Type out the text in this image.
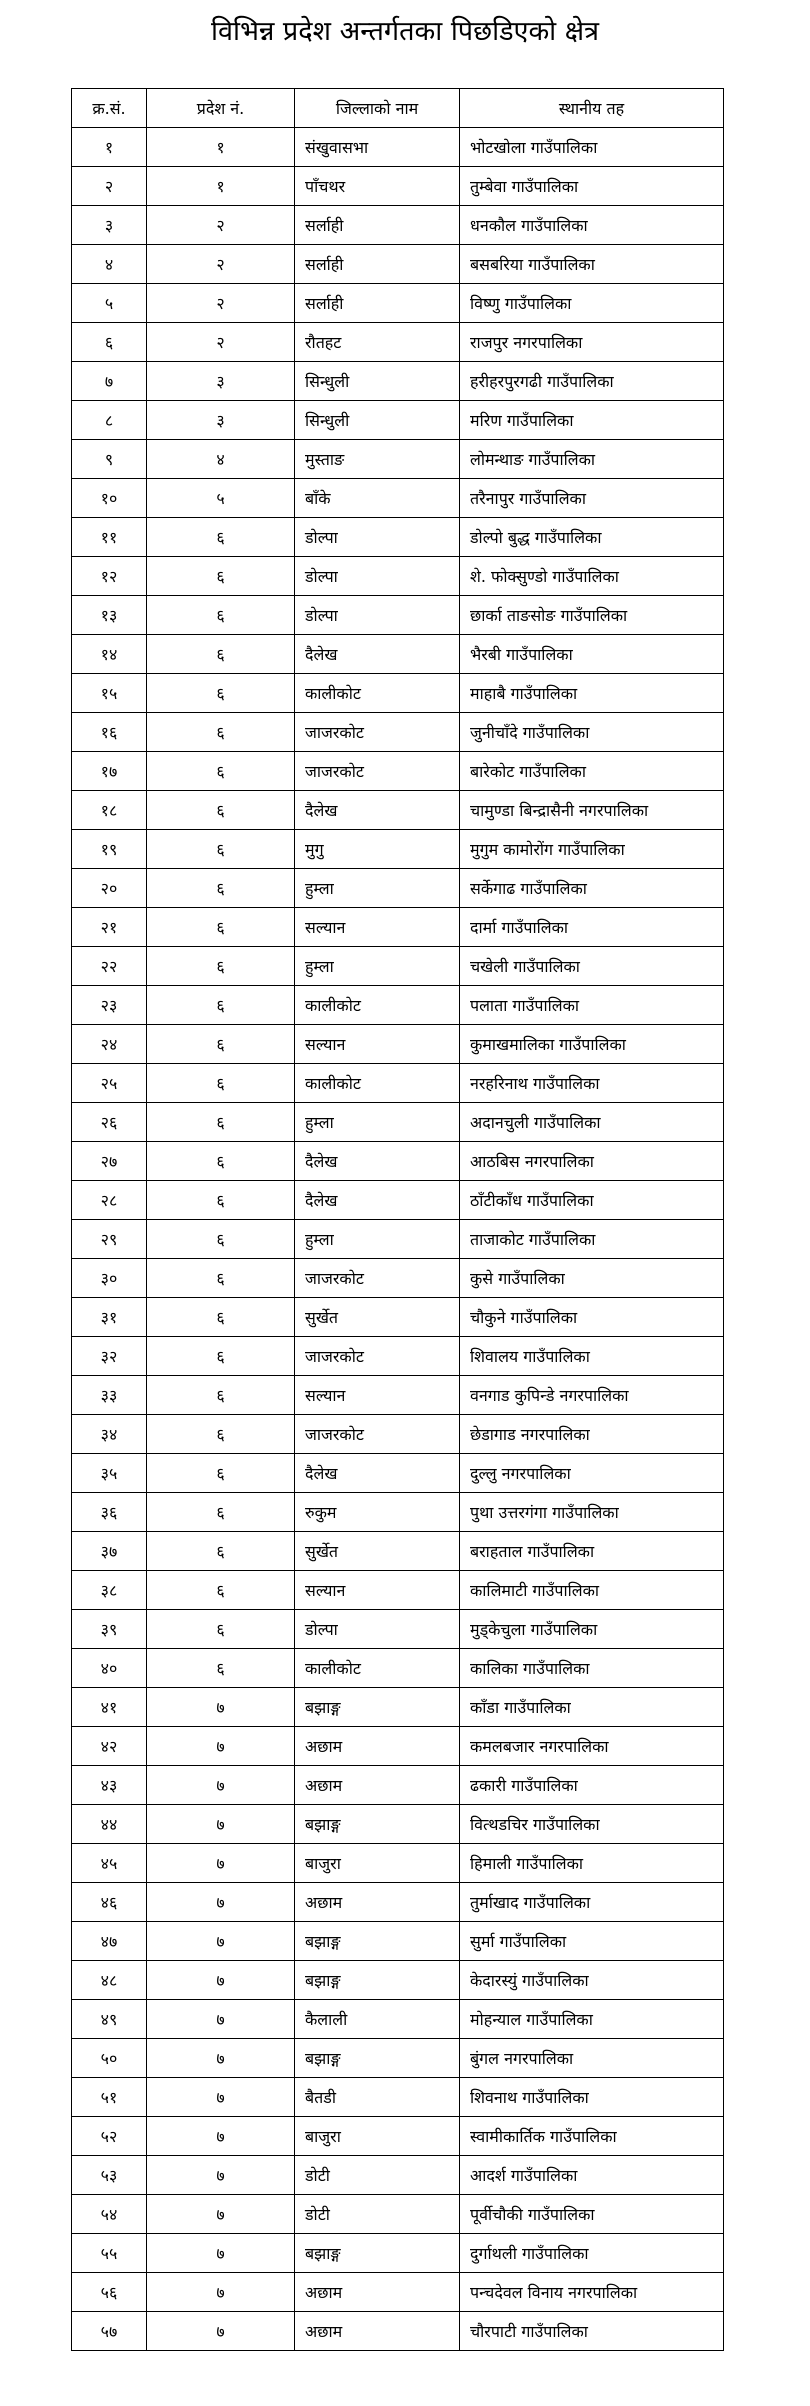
विभिन्न प्रदेश अन्तर्गतका पिछडिएको क्षेत्र
क्र.सं.	प्रदेश नं.	जिल्लाको नाम	स्थानीय तह
१	१	संखुवासभा	भोटखोला गाउँपालिका
२	१	पाँचथर	तुम्बेवा गाउँपालिका
३	२	सर्लाही	धनकौल गाउँपालिका
४	२	सर्लाही	बसबरिया गाउँपालिका
५	२	सर्लाही	विष्णु गाउँपालिका
६	२	रौतहट	राजपुर नगरपालिका
७	३	सिन्धुली	हरीहरपुरगढी गाउँपालिका
८	३	सिन्धुली	मरिण गाउँपालिका
९	४	मुस्ताङ	लोमन्थाङ गाउँपालिका
१०	५	बाँके	तरैनापुर गाउँपालिका
११	६	डोल्पा	डोल्पो बुद्ध गाउँपालिका
१२	६	डोल्पा	शे. फोक्सुण्डो गाउँपालिका
१३	६	डोल्पा	छार्का ताङसोङ गाउँपालिका
१४	६	दैलेख	भैरबी गाउँपालिका
१५	६	कालीकोट	माहाबै गाउँपालिका
१६	६	जाजरकोट	जुनीचाँदे गाउँपालिका
१७	६	जाजरकोट	बारेकोट गाउँपालिका
१८	६	दैलेख	चामुण्डा बिन्द्रासैनी नगरपालिका
१९	६	मुगु	मुगुम कामोरोंग गाउँपालिका
२०	६	हुम्ला	सर्केगाढ गाउँपालिका
२१	६	सल्यान	दार्मा गाउँपालिका
२२	६	हुम्ला	चखेली गाउँपालिका
२३	६	कालीकोट	पलाता गाउँपालिका
२४	६	सल्यान	कुमाखमालिका गाउँपालिका
२५	६	कालीकोट	नरहरिनाथ गाउँपालिका
२६	६	हुम्ला	अदानचुली गाउँपालिका
२७	६	दैलेख	आठबिस नगरपालिका
२८	६	दैलेख	ठाँटीकाँध गाउँपालिका
२९	६	हुम्ला	ताजाकोट गाउँपालिका
३०	६	जाजरकोट	कुसे गाउँपालिका
३१	६	सुर्खेत	चौकुने गाउँपालिका
३२	६	जाजरकोट	शिवालय गाउँपालिका
३३	६	सल्यान	वनगाड कुपिन्डे नगरपालिका
३४	६	जाजरकोट	छेडागाड नगरपालिका
३५	६	दैलेख	दुल्लु नगरपालिका
३६	६	रुकुम	पुथा उत्तरगंगा गाउँपालिका
३७	६	सुर्खेत	बराहताल गाउँपालिका
३८	६	सल्यान	कालिमाटी गाउँपालिका
३९	६	डोल्पा	मुड्केचुला गाउँपालिका
४०	६	कालीकोट	कालिका गाउँपालिका
४१	७	बझाङ्ग	काँडा गाउँपालिका
४२	७	अछाम	कमलबजार नगरपालिका
४३	७	अछाम	ढकारी गाउँपालिका
४४	७	बझाङ्ग	वित्थडचिर गाउँपालिका
४५	७	बाजुरा	हिमाली गाउँपालिका
४६	७	अछाम	तुर्माखाद गाउँपालिका
४७	७	बझाङ्ग	सुर्मा गाउँपालिका
४८	७	बझाङ्ग	केदारस्युं गाउँपालिका
४९	७	कैलाली	मोहन्याल गाउँपालिका
५०	७	बझाङ्ग	बुंगल नगरपालिका
५१	७	बैतडी	शिवनाथ गाउँपालिका
५२	७	बाजुरा	स्वामीकार्तिक गाउँपालिका
५३	७	डोटी	आदर्श गाउँपालिका
५४	७	डोटी	पूर्वीचौकी गाउँपालिका
५५	७	बझाङ्ग	दुर्गाथली गाउँपालिका
५६	७	अछाम	पन्चदेवल विनाय नगरपालिका
५७	७	अछाम	चौरपाटी गाउँपालिका
